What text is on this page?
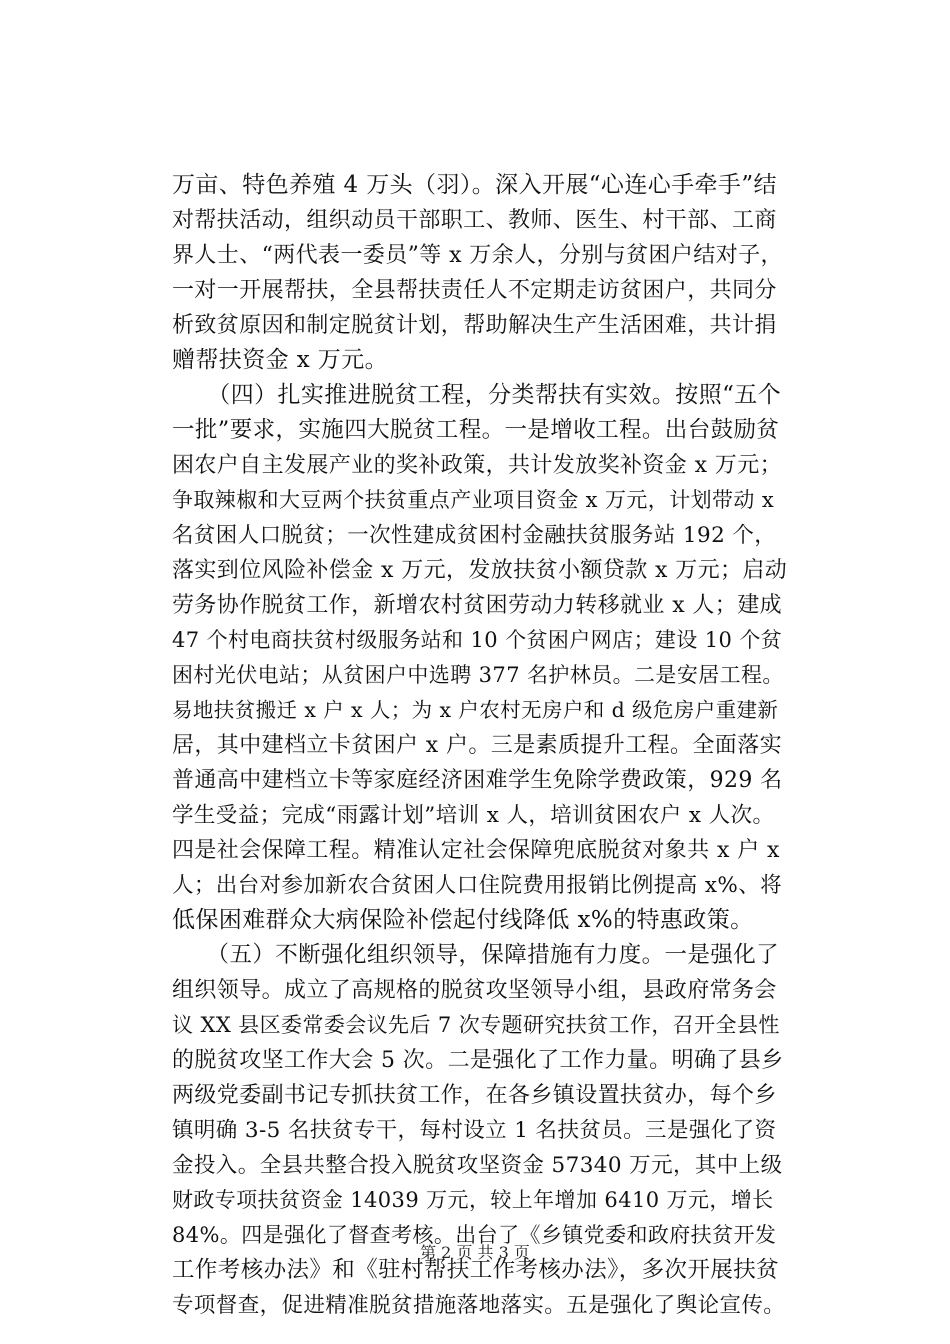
万亩、特色养殖 4 万头（羽）。深入开展“心连心手牵手”结
对帮扶活动，组织动员干部职工、教师、医生、村干部、工商
界人士、“两代表一委员”等 x 万余人，分别与贫困户结对子，
一对一开展帮扶，全县帮扶责任人不定期走访贫困户，共同分
析致贫原因和制定脱贫计划，帮助解决生产生活困难，共计捐
赠帮扶资金 x 万元。
　　（四）扎实推进脱贫工程，分类帮扶有实效。按照“五个
一批”要求，实施四大脱贫工程。一是增收工程。出台鼓励贫
困农户自主发展产业的奖补政策，共计发放奖补资金 x 万元；
争取辣椒和大豆两个扶贫重点产业项目资金 x 万元，计划带动 x
名贫困人口脱贫；一次性建成贫困村金融扶贫服务站 192 个，
落实到位风险补偿金 x 万元，发放扶贫小额贷款 x 万元；启动
劳务协作脱贫工作，新增农村贫困劳动力转移就业 x 人；建成
47 个村电商扶贫村级服务站和 10 个贫困户网店；建设 10 个贫
困村光伏电站；从贫困户中选聘 377 名护林员。二是安居工程。
易地扶贫搬迁 x 户 x 人；为 x 户农村无房户和 d 级危房户重建新
居，其中建档立卡贫困户 x 户。三是素质提升工程。全面落实
普通高中建档立卡等家庭经济困难学生免除学费政策，929 名
学生受益；完成“雨露计划”培训 x 人，培训贫困农户 x 人次。
四是社会保障工程。精准认定社会保障兜底脱贫对象共 x 户 x
人；出台对参加新农合贫困人口住院费用报销比例提高 x%、将
低保困难群众大病保险补偿起付线降低 x%的特惠政策。
　　（五）不断强化组织领导，保障措施有力度。一是强化了
组织领导。成立了高规格的脱贫攻坚领导小组，县政府常务会
议 XX 县区委常委会议先后 7 次专题研究扶贫工作，召开全县性
的脱贫攻坚工作大会 5 次。二是强化了工作力量。明确了县乡
两级党委副书记专抓扶贫工作，在各乡镇设置扶贫办，每个乡
镇明确 3-5 名扶贫专干，每村设立 1 名扶贫员。三是强化了资
金投入。全县共整合投入脱贫攻坚资金 57340 万元，其中上级
财政专项扶贫资金 14039 万元，较上年增加 6410 万元，增长
84%。四是强化了督查考核。出台了《乡镇党委和政府扶贫开发
工作考核办法》和《驻村帮扶工作考核办法》，多次开展扶贫
专项督查，促进精准脱贫措施落地落实。五是强化了舆论宣传。
第 2 页 共 3 页
